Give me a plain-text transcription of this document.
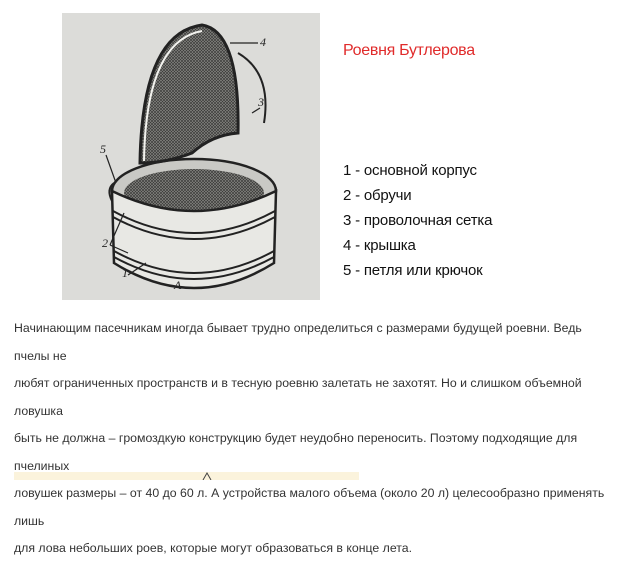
4
3
5
2
1
A
Роевня Бутлерова
1 - основной корпус
2 - обручи
3 - проволочная сетка
4 - крышка
5 - петля или крючок

Начинающим пасечникам иногда бывает трудно определиться с размерами будущей роевни. Ведь пчелы не
любят ограниченных пространств и в тесную роевню залетать не захотят. Но и слишком объемной ловушка
быть не должна – громоздкую конструкцию будет неудобно переносить. Поэтому подходящие для пчелиных
ловушек размеры – от 40 до 60 л. А устройства малого объема (около 20 л) целесообразно применять лишь
для лова небольших роев, которые могут образоваться в конце лета.
